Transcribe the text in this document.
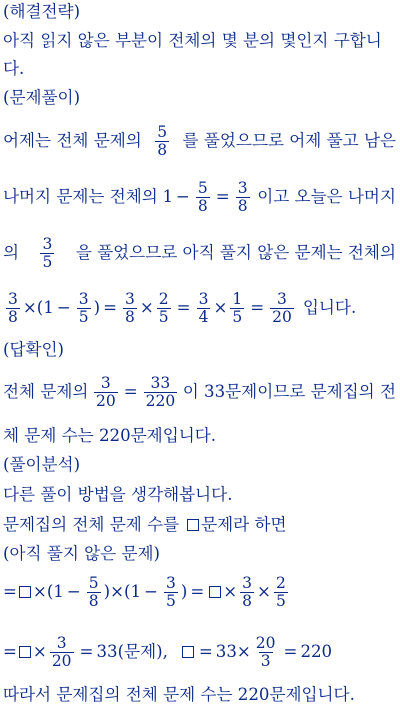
(해결전략)
아직 읽지 않은 부분이 전체의 몇 분의 몇인지 구합니
다.
(문제풀이)
어제는 전체 문제의 $\frac{5}{8}$ 를 풀었으므로 어제 풀고 남은
나머지 문제는 전체의 $1 - \frac{5}{8} = \frac{3}{8}$ 이고 오늘은 나머지
의 $\frac{3}{5}$ 을 풀었으므로 아직 풀지 않은 문제는 전체의
$\frac{3}{8} \times (1 - \frac{3}{5}$ ) = $\frac{3}{8} \times \frac{2}{5} = \frac{3}{4} \times \frac{1}{5} = \frac{3}{20}$ 입니다.
(답확인)
전체 문제의 $\frac{3}{20} = \frac{33}{220}$ 이 33문제이므로 문제집의 전
체 문제 수는 220문제입니다.
(풀이분석)
다른 풀이 방법을 생각해봅니다.
문제집의 전체 문제 수를 문제라 하면
(아직 풀지 않은 문제)
= × ($1 - \frac{5}{8}$ ) × ($1 - \frac{3}{5}$ ) = × $\frac{3}{8} \times \frac{2}{5}$
= × $\frac{3}{20} = 33$(문제), = $33 \times \frac{20}{3} = 220$
따라서 문제집의 전체 문제 수는 220문제입니다.
